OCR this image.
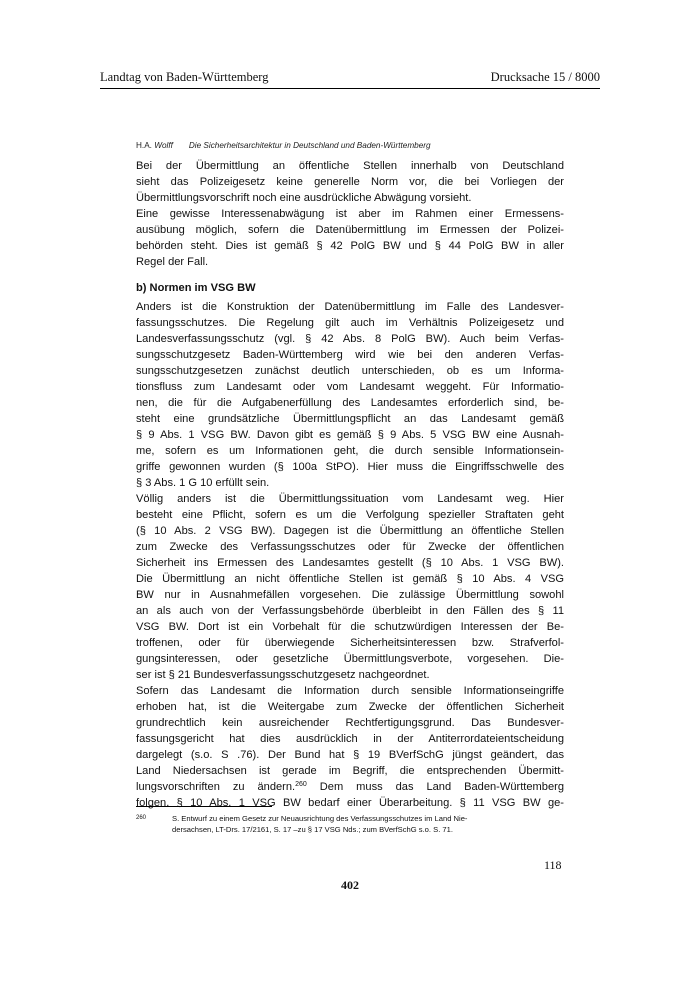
Landtag von Baden-Württemberg	Drucksache 15 / 8000
H.A. Wolff Die Sicherheitsarchitektur in Deutschland und Baden-Württemberg

Bei der Übermittlung an öffentliche Stellen innerhalb von Deutschland

sieht das Polizeigesetz keine generelle Norm vor, die bei Vorliegen der

Übermittlungsvorschrift noch eine ausdrückliche Abwägung vorsieht.

Eine gewisse Interessenabwägung ist aber im Rahmen einer Ermessens-

ausübung möglich, sofern die Datenübermittlung im Ermessen der Polizei-

behörden steht. Dies ist gemäß § 42 PolG BW und § 44 PolG BW in aller

Regel der Fall.

b) Normen im VSG BW

Anders ist die Konstruktion der Datenübermittlung im Falle des Landesver-

fassungsschutzes. Die Regelung gilt auch im Verhältnis Polizeigesetz und

Landesverfassungsschutz (vgl. § 42 Abs. 8 PolG BW). Auch beim Verfas-

sungsschutzgesetz Baden-Württemberg wird wie bei den anderen Verfas-

sungsschutzgesetzen zunächst deutlich unterschieden, ob es um Informa-

tionsfluss zum Landesamt oder vom Landesamt weggeht. Für Informatio-

nen, die für die Aufgabenerfüllung des Landesamtes erforderlich sind, be-

steht eine grundsätzliche Übermittlungspflicht an das Landesamt gemäß

§ 9 Abs. 1 VSG BW. Davon gibt es gemäß § 9 Abs. 5 VSG BW eine Ausnah-

me, sofern es um Informationen geht, die durch sensible Informationsein-

griffe gewonnen wurden (§ 100a StPO). Hier muss die Eingriffsschwelle des

§ 3 Abs. 1 G 10 erfüllt sein.

Völlig anders ist die Übermittlungssituation vom Landesamt weg. Hier

besteht eine Pflicht, sofern es um die Verfolgung spezieller Straftaten geht

(§ 10 Abs. 2 VSG BW). Dagegen ist die Übermittlung an öffentliche Stellen

zum Zwecke des Verfassungsschutzes oder für Zwecke der öffentlichen

Sicherheit ins Ermessen des Landesamtes gestellt (§ 10 Abs. 1 VSG BW).

Die Übermittlung an nicht öffentliche Stellen ist gemäß § 10 Abs. 4 VSG

BW nur in Ausnahmefällen vorgesehen. Die zulässige Übermittlung sowohl

an als auch von der Verfassungsbehörde überbleibt in den Fällen des § 11

VSG BW. Dort ist ein Vorbehalt für die schutzwürdigen Interessen der Be-

troffenen, oder für überwiegende Sicherheitsinteressen bzw. Strafverfol-

gungsinteressen, oder gesetzliche Übermittlungsverbote, vorgesehen. Die-

ser ist § 21 Bundesverfassungsschutzgesetz nachgeordnet.

Sofern das Landesamt die Information durch sensible Informationseingriffe

erhoben hat, ist die Weitergabe zum Zwecke der öffentlichen Sicherheit

grundrechtlich kein ausreichender Rechtfertigungsgrund. Das Bundesver-

fassungsgericht hat dies ausdrücklich in der Antiterrordateientscheidung

dargelegt (s.o. S .76). Der Bund hat § 19 BVerfSchG jüngst geändert, das

Land Niedersachsen ist gerade im Begriff, die entsprechenden Übermitt-

lungsvorschriften zu ändern.$^{260}$ Dem muss das Land Baden-Württemberg

folgen. § 10 Abs. 1 VSG BW bedarf einer Überarbeitung. § 11 VSG BW ge-

260	S. Entwurf zu einem Gesetz zur Neuausrichtung des Verfassungsschutzes im Land Nie-
dersachsen, LT-Drs. 17/2161, S. 17 –zu § 17 VSG Nds.; zum BVerfSchG s.o. S. 71.
118
402
